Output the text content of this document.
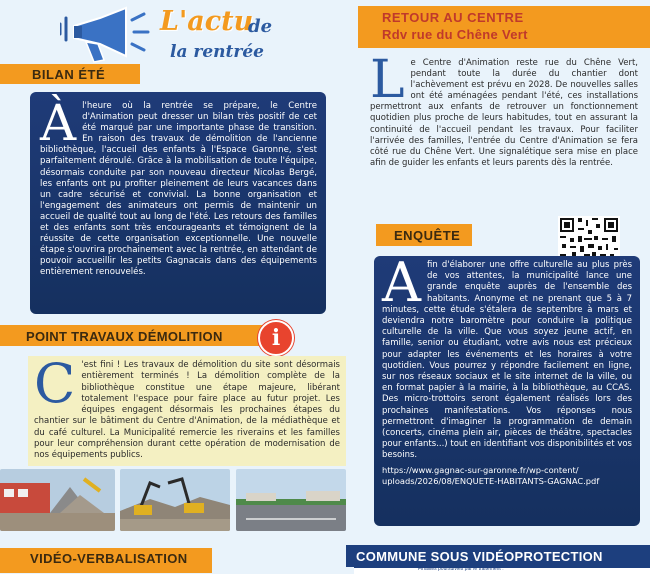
L'actu
de
la rentrée
BILAN ÉTÉ

À l'heure où la rentrée se prépare, le Centre d'Animation peut dresser un bilan très positif de cet été marqué par une importante phase de transition. En raison des travaux de démolition de l'ancienne bibliothèque, l'accueil des enfants à l'Espace Garonne, s'est parfaitement déroulé. Grâce à la mobilisation de toute l'équipe, désormais conduite par son nouveau directeur Nicolas Bergé, les enfants ont pu profiter pleinement de leurs vacances dans un cadre sécurisé et convivial. La bonne organisation et l'engagement des animateurs ont permis de maintenir un accueil de qualité tout au long de l'été. Les retours des familles et des enfants sont très encourageants et témoignent de la réussite de cette organisation exceptionnelle. Une nouvelle étape s'ouvrira prochainement avec la rentrée, en attendant de pouvoir accueillir les petits Gagnacais dans des équipements entièrement renouvelés.

POINT TRAVAUX DÉMOLITION	i

C 'est fini ! Les travaux de démolition du site sont désormais entièrement terminés ! La démolition complète de la bibliothèque constitue une étape majeure, libérant totalement l'espace pour faire place au futur projet. Les équipes engagent désormais les prochaines étapes du chantier sur le bâtiment du Centre d'Animation, de la médiathèque et du café culturel. La Municipalité remercie les riverains et les familles pour leur compréhension durant cette opération de modernisation de nos équipements publics.

VIDÉO-VERBALISATION
RETOUR AU CENTRE
Rdv rue du Chêne Vert

L e Centre d'Animation reste rue du Chêne Vert, pendant toute la durée du chantier dont l'achèvement est prévu en 2028. De nouvelles salles ont été aménagées pendant l'été, ces installations permettront aux enfants de retrouver un fonctionnement quotidien plus proche de leurs habitudes, tout en assurant la continuité de l'accueil pendant les travaux. Pour faciliter l'arrivée des familles, l'entrée du Centre d'Animation se fera côté rue du Chêne Vert. Une signalétique sera mise en place afin de guider les enfants et leurs parents dès la rentrée.

ENQUÊTE

A fin d'élaborer une offre culturelle au plus près de vos attentes, la municipalité lance une grande enquête auprès de l'ensemble des habitants. Anonyme et ne prenant que 5 à 7 minutes, cette étude s'étalera de septembre à mars et deviendra notre baromètre pour conduire la politique culturelle de la ville. Que vous soyez jeune actif, en famille, senior ou étudiant, votre avis nous est précieux pour adapter les événements et les horaires à votre quotidien. Vous pourrez y répondre facilement en ligne, sur nos réseaux sociaux et le site internet de la ville, ou en format papier à la mairie, à la bibliothèque, au CCAS. Des micro-trottoirs seront également réalisés lors des prochaines manifestations. Vos réponses nous permettront d'imaginer la programmation de demain (concerts, cinéma plein air, pièces de théâtre, spectacles pour enfants...) tout en identifiant vos disponibilités et vos besoins.

https://www.gagnac-sur-garonne.fr/wp-content/
uploads/2026/08/ENQUETE-HABITANTS-GAGNAC.pdf
COMMUNE SOUS VIDÉOPROTECTION
Finalités poursuivies par le traitement :
